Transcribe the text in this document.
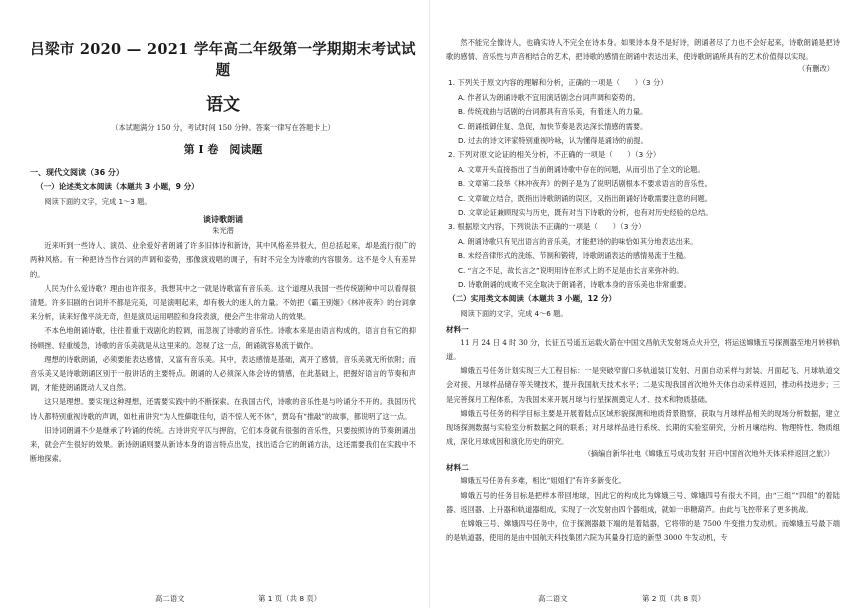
吕梁市 2020 — 2021 学年高二年级第一学期期末考试试题
语文
（本试题满分 150 分，考试时间 150 分钟。答案一律写在答题卡上）
第 Ⅰ 卷　阅读题
一、现代文阅读（36 分）
（一）论述类文本阅读（本题共 3 小题，9 分）
阅读下面的文字，完成 1～3 题。
谈诗歌朗诵
朱光潜

近来听到一些诗人、演员、业余爱好者朗诵了许多旧体诗和新诗，其中风格差异很大，但总括起来，却是流行很广的两种风格。有一种把诗当作台词的声调和姿势，那像演戏唱的调子，有时不完全为诗歌的内容服务。这不是令人有差异的。

人民为什么爱诗歌？理由也许很多，我想其中之一就是诗歌富有音乐美。这个道理从我国一些传统剧种中可以看得很清楚。许多旧剧的台词并不都是完美，可是演唱起来，却有极大的迷人的力量。不妨把《霸王别姬》《林冲夜奔》的台词拿来分析，读来好像平淡无奇，但是演员运用唱腔和身段表演，便会产生非常动人的效果。

不本色地朗诵诗歌，往往着重于戏剧化的腔调，而忽视了诗歌的音乐性。诗歌本来是由语言构成的，语言自有它的抑扬顿挫、轻重缓急，诗歌的音乐美就是从这里来的。忽视了这一点，朗诵就容易流于做作。

理想的诗歌朗诵，必须要能表达感情，又富有音乐美。其中，表达感情是基础，离开了感情，音乐美就无所依附；而音乐美又是诗歌朗诵区别于一般讲话的主要特点。朗诵的人必须深入体会诗的情感，在此基础上，把握好语言的节奏和声调，才能使朗诵既动人又自然。

这只是理想。要实现这种理想，还需要实践中的不断探索。在我国古代，诗歌的音乐性是与吟诵分不开的。我国历代诗人都特别重视诗歌的声调，如杜甫讲究“为人性僻耽佳句，语不惊人死不休”，贾岛有“推敲”的故事，都说明了这一点。

旧诗词朗诵不少是继承了吟诵的传统。古诗讲究平仄与押韵，它们本身就有很强的音乐性，只要按照诗的节奏朗诵出来，就会产生很好的效果。新诗朗诵则要从新诗本身的语言特点出发，找出适合它的朗诵方法，这还需要我们在实践中不断地探索。

高二语文	第 1 页（共 8 页）

然不能完全像诗人，也确实诗人不完全在诗本身。如果诗本身不是好诗，朗诵者尽了力也不会好起来，诗歌朗诵是把诗歌的感情、音乐性与声音相结合的艺术，把诗歌的感情在朗诵中表达出来，使诗歌朗诵所具有的艺术价值得以实现。

（有删改）
1. 下列关于原文内容的理解和分析，正确的一项是（　　）（3 分）
A. 作者认为朗诵诗歌不宜用演话剧念台词声调和姿势的。
B. 传统戏曲与话剧的台词都具有音乐美，有着迷人的力量。
C. 朗诵抵御住复、急促，加快节奏是表达深长情感的需要。
D. 过去的诗文评家特别重视吟咏，认为懂得是诵诗的前提。
2. 下列对原文论证的相关分析，不正确的一项是（　　）（3 分）
A. 文章开头直接指出了当前朗诵诗歌中存在的问题，从而引出了全文的论题。
B. 文章第二段举《林冲夜奔》的例子是为了说明话剧根本不要求语言的音乐性。
C. 文章破立结合，既指出诗歌朗诵的误区，又指出朗诵好诗歌需要注意的问题。
D. 文章论证兼顾现实与历史，既有对当下诗歌的分析，也有对历史经验的总结。
3. 根据原文内容，下列说法不正确的一项是（　　）（3 分）
A. 朗诵诗歌只有见出语言的音乐美，才能把诗的韵味恰如其分地表达出来。
B. 未经音律形式的洗练、节制和锻铸，诗歌朗诵表达的感情易流于生糙。
C. “言之不足，故长言之”说明用诗在形式上的不足是由长言来弥补的。
D. 诗歌朗诵的成败不完全取决于朗诵者，诗歌本身的音乐美也非常重要。
（二）实用类文本阅读（本题共 3 小题，12 分）
阅读下面的文字，完成 4～6 题。
材料一

11 月 24 日 4 时 30 分，长征五号遥五运载火箭在中国文昌航天发射场点火升空，将运送嫦娥五号探测器至地月转移轨道。

嫦娥五号任务计划实现三大工程目标：一是突破窄窗口多轨道装订发射、月面自动采样与封装、月面起飞、月球轨道交会对接、月球样品储存等关键技术，提升我国航天技术水平；二是实现我国首次地外天体自动采样返回，推动科技进步；三是完善探月工程体系，为我国未来开展月球与行星探测奠定人才、技术和物质基础。

嫦娥五号任务的科学目标主要是开展着陆点区域形貌探测和地质背景勘察，获取与月球样品相关的现场分析数据，建立现场探测数据与实验室分析数据之间的联系；对月球样品进行系统、长期的实验室研究，分析月壤结构、物理特性、物质组成，深化月球成因和演化历史的研究。

（摘编自新华社电《嫦娥五号成功发射 开启中国首次地外天体采样返回之旅》）
材料二

嫦娥五号任务有多难，相比“姐姐们”有许多新变化。

嫦娥五号的任务目标是把样本带回地球，因此它的构成比为嫦娥三号、嫦娥四号有很大不同，由“三组”“四组”的着陆器、返回器、上升器和轨道器组成，实现了一次发射由四个器组成，就如一串糖葫芦。由此与飞控带来了更多挑战。

在嫦娥三号、嫦娥四号任务中，位于探测器最下端的是着陆器，它将带的是 7500 牛变推力发动机。而嫦娥五号最下端的是轨道器，使用的是由中国航天科技集团六院为其量身打造的新型 3000 牛发动机，专

高二语文	第 2 页（共 8 页）
